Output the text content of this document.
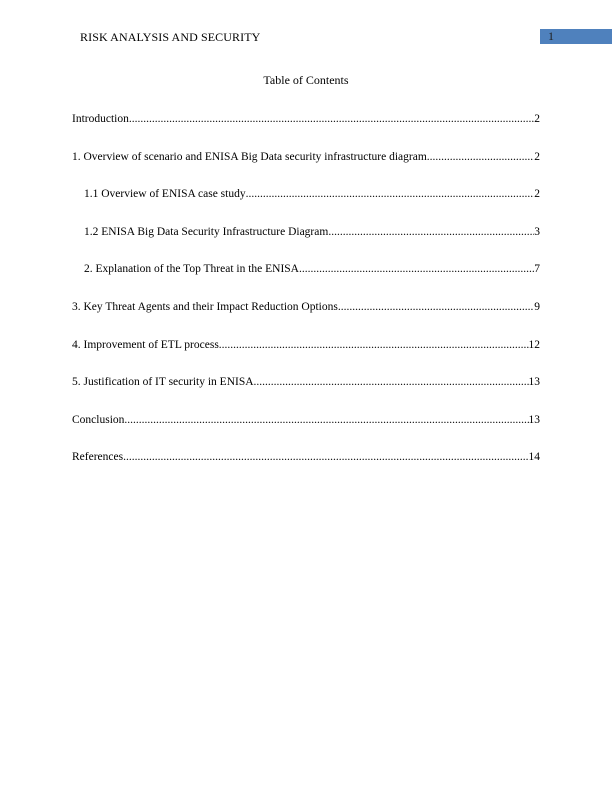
RISK ANALYSIS AND SECURITY	1
Table of Contents
Introduction .....	2
1. Overview of scenario and ENISA Big Data security infrastructure diagram .....	2
1.1 Overview of ENISA case study .....	2
1.2 ENISA Big Data Security Infrastructure Diagram .....	3
2. Explanation of the Top Threat in the ENISA .....	7
3. Key Threat Agents and their Impact Reduction Options .....	9
4. Improvement of ETL process .....	12
5. Justification of IT security in ENISA .....	13
Conclusion .....	13
References .....	14
